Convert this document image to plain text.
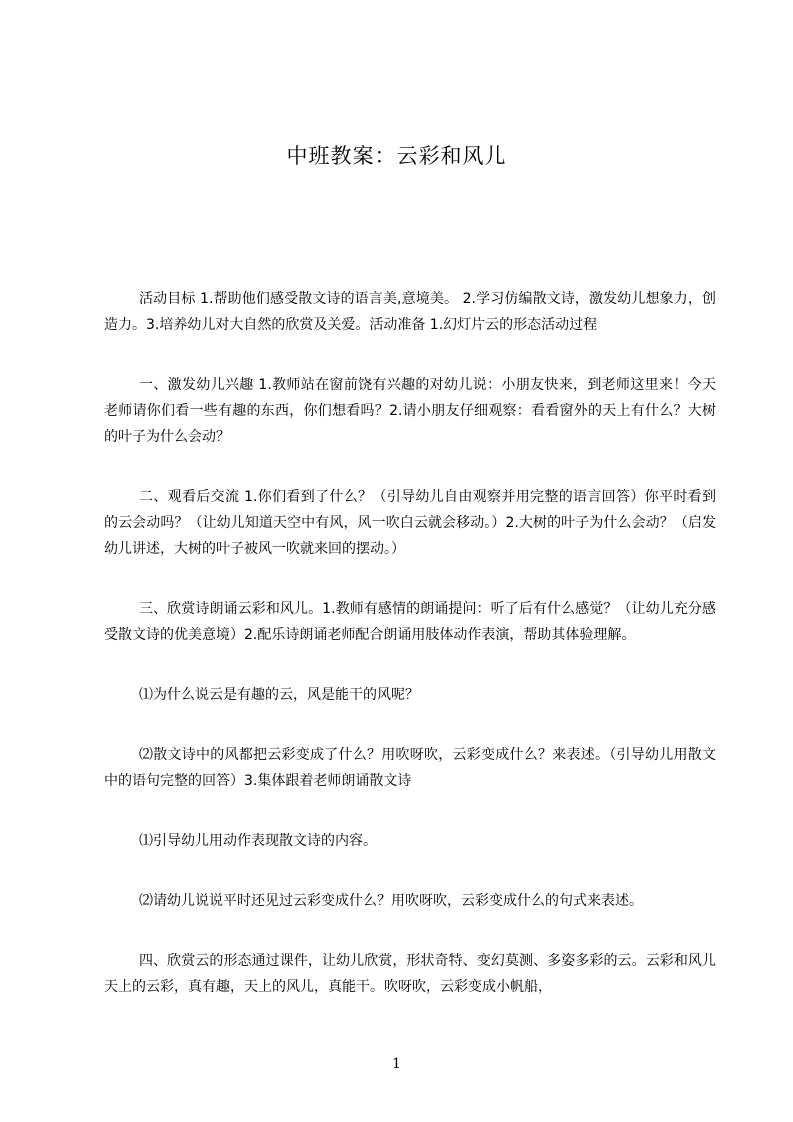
中班教案：云彩和风儿

活动目标 1.帮助他们感受散文诗的语言美,意境美。 2.学习仿编散文诗，激发幼儿想象力，创造力。3.培养幼儿对大自然的欣赏及关爱。活动准备 1.幻灯片云的形态活动过程

一、激发幼儿兴趣 1.教师站在窗前饶有兴趣的对幼儿说：小朋友快来，到老师这里来！今天老师请你们看一些有趣的东西，你们想看吗？2.请小朋友仔细观察：看看窗外的天上有什么？大树的叶子为什么会动？

二、观看后交流 1.你们看到了什么？（引导幼儿自由观察并用完整的语言回答）你平时看到的云会动吗？（让幼儿知道天空中有风，风一吹白云就会移动。）2.大树的叶子为什么会动？（启发幼儿讲述，大树的叶子被风一吹就来回的摆动。）

三、欣赏诗朗诵云彩和风儿。1.教师有感情的朗诵提问：听了后有什么感觉？（让幼儿充分感受散文诗的优美意境）2.配乐诗朗诵老师配合朗诵用肢体动作表演，帮助其体验理解。

⑴为什么说云是有趣的云，风是能干的风呢？

⑵散文诗中的风都把云彩变成了什么？用吹呀吹，云彩变成什么？来表述。（引导幼儿用散文中的语句完整的回答）3.集体跟着老师朗诵散文诗

⑴引导幼儿用动作表现散文诗的内容。

⑵请幼儿说说平时还见过云彩变成什么？用吹呀吹，云彩变成什么的句式来表述。

四、欣赏云的形态通过课件，让幼儿欣赏，形状奇特、变幻莫测、多姿多彩的云。云彩和风儿天上的云彩，真有趣，天上的风儿，真能干。吹呀吹，云彩变成小帆船，

1
